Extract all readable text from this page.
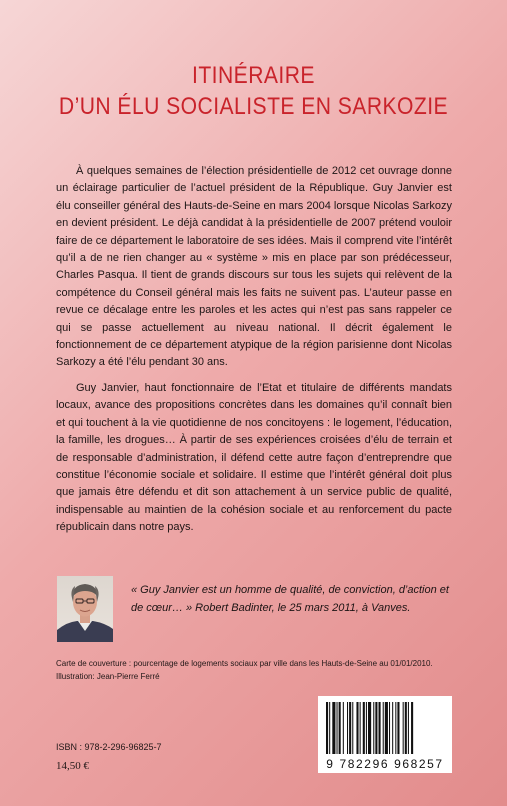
ITINÉRAIRE
D’UN ÉLU SOCIALISTE EN SARKOZIE

À quelques semaines de l’élection présidentielle de 2012 cet ouvrage donne un éclairage particulier de l’actuel président de la République. Guy Janvier est élu conseiller général des Hauts-de-Seine en mars 2004 lorsque Nicolas Sarkozy en devient président. Le déjà candidat à la présidentielle de 2007 prétend vouloir faire de ce département le laboratoire de ses idées. Mais il comprend vite l’intérêt qu’il a de ne rien changer au « système » mis en place par son prédécesseur, Charles Pasqua. Il tient de grands discours sur tous les sujets qui relèvent de la compétence du Conseil général mais les faits ne suivent pas. L’auteur passe en revue ce décalage entre les paroles et les actes qui n’est pas sans rappeler ce qui se passe actuellement au niveau national. Il décrit également le fonctionnement de ce département atypique de la région parisienne dont Nicolas Sarkozy a été l’élu pendant 30 ans.

Guy Janvier, haut fonctionnaire de l’Etat et titulaire de différents mandats locaux, avance des propositions concrètes dans les domaines qu’il connaît bien et qui touchent à la vie quotidienne de nos concitoyens : le logement, l’éducation, la famille, les drogues… À partir de ses expériences croisées d’élu de terrain et de responsable d’administration, il défend cette autre façon d’entreprendre que constitue l’économie sociale et solidaire. Il estime que l’intérêt général doit plus que jamais être défendu et dit son attachement à un service public de qualité, indispensable au maintien de la cohésion sociale et au renforcement du pacte républicain dans notre pays.

« Guy Janvier est un homme de qualité, de conviction, d’action et de cœur… » Robert Badinter, le 25 mars 2011, à Vanves.
Carte de couverture : pourcentage de logements sociaux par ville dans les Hauts-de-Seine au 01/01/2010.
Illustration: Jean-Pierre Ferré
ISBN : 978-2-296-96825-7
14,50 €	9 782296 968257
